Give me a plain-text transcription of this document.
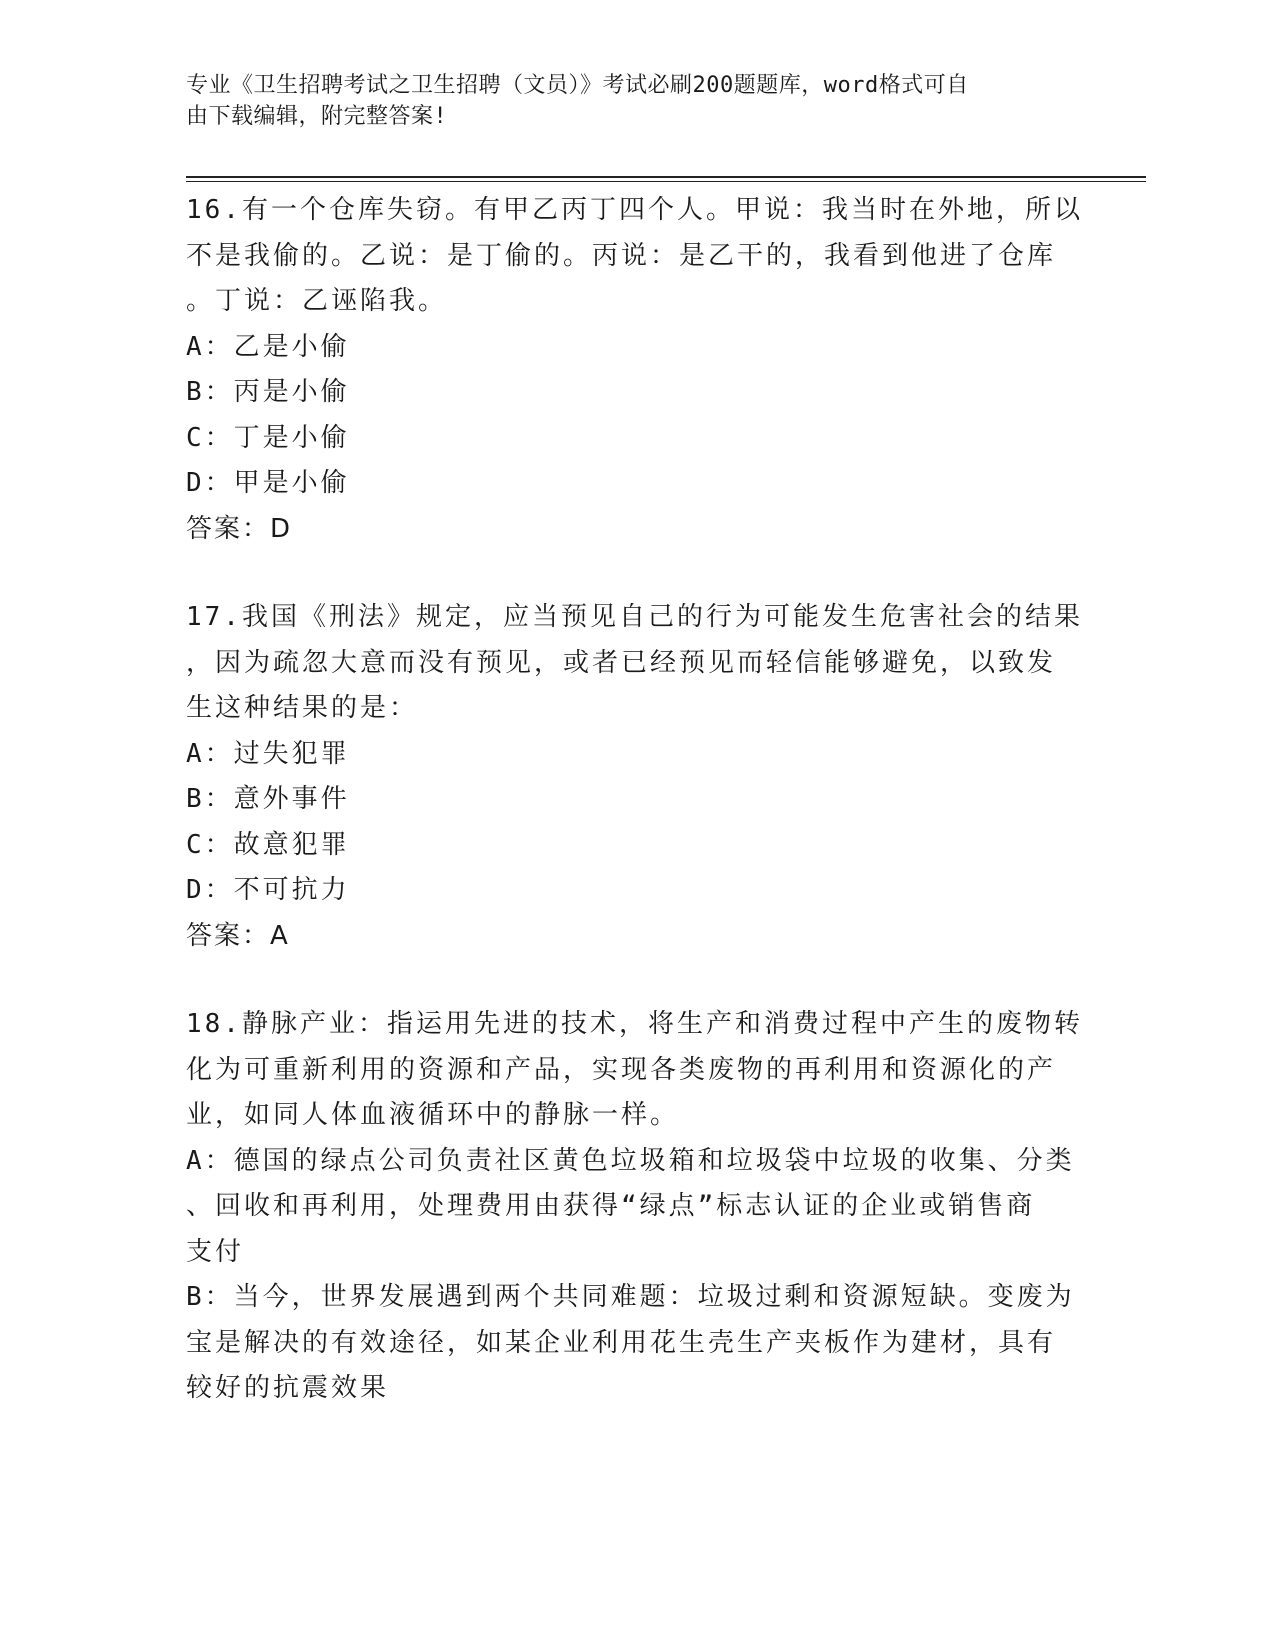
专业《卫生招聘考试之卫生招聘（文员）》考试必刷200题题库，word格式可自
由下载编辑，附完整答案!

16.有一个仓库失窃。有甲乙丙丁四个人。甲说：我当时在外地，所以
不是我偷的。乙说：是丁偷的。丙说：是乙干的，我看到他进了仓库
。丁说：乙诬陷我。

A：乙是小偷
B：丙是小偷
C：丁是小偷
D：甲是小偷

答案：D

17.我国《刑法》规定，应当预见自己的行为可能发生危害社会的结果
，因为疏忽大意而没有预见，或者已经预见而轻信能够避免，以致发
生这种结果的是：

A：过失犯罪
B：意外事件
C：故意犯罪
D：不可抗力

答案：A

18.静脉产业：指运用先进的技术，将生产和消费过程中产生的废物转
化为可重新利用的资源和产品，实现各类废物的再利用和资源化的产
业，如同人体血液循环中的静脉一样。

A：德国的绿点公司负责社区黄色垃圾箱和垃圾袋中垃圾的收集、分类
、回收和再利用，处理费用由获得“绿点”标志认证的企业或销售商
支付
B：当今，世界发展遇到两个共同难题：垃圾过剩和资源短缺。变废为
宝是解决的有效途径，如某企业利用花生壳生产夹板作为建材，具有
较好的抗震效果
